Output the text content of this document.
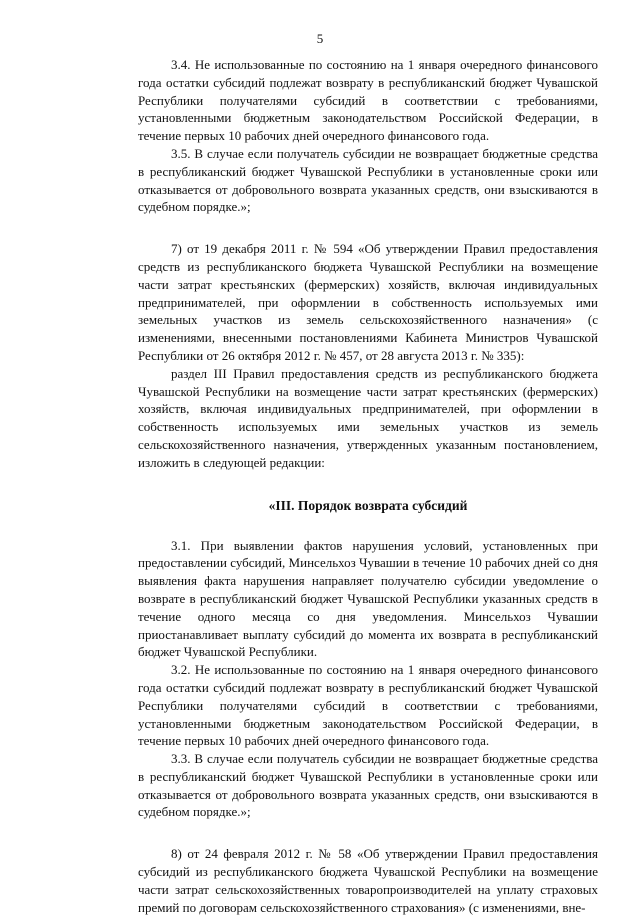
5

3.4. Не использованные по состоянию на 1 января очередного финансового года остатки субсидий подлежат возврату в республиканский бюджет Чувашской Республики получателями субсидий в соответствии с требованиями, установленными бюджетным законодательством Российской Федерации, в течение первых 10 рабочих дней очередного финансового года.

3.5. В случае если получатель субсидии не возвращает бюджетные средства в республиканский бюджет Чувашской Республики в установленные сроки или отказывается от добровольного возврата указанных средств, они взыскиваются в судебном порядке.»;

7) от 19 декабря 2011 г. № 594 «Об утверждении Правил предоставления средств из республиканского бюджета Чувашской Республики на возмещение части затрат крестьянских (фермерских) хозяйств, включая индивидуальных предпринимателей, при оформлении в собственность используемых ими земельных участков из земель сельскохозяйственного назначения» (с изменениями, внесенными постановлениями Кабинета Министров Чувашской Республики от 26 октября 2012 г. № 457, от 28 августа 2013 г. № 335):

раздел III Правил предоставления средств из республиканского бюджета Чувашской Республики на возмещение части затрат крестьянских (фермерских) хозяйств, включая индивидуальных предпринимателей, при оформлении в собственность используемых ими земельных участков из земель сельскохозяйственного назначения, утвержденных указанным постановлением, изложить в следующей редакции:

«III. Порядок возврата субсидий

3.1. При выявлении фактов нарушения условий, установленных при предоставлении субсидий, Минсельхоз Чувашии в течение 10 рабочих дней со дня выявления факта нарушения направляет получателю субсидии уведомление о возврате в республиканский бюджет Чувашской Республики указанных средств в течение одного месяца со дня уведомления. Минсельхоз Чувашии приостанавливает выплату субсидий до момента их возврата в республиканский бюджет Чувашской Республики.

3.2. Не использованные по состоянию на 1 января очередного финансового года остатки субсидий подлежат возврату в республиканский бюджет Чувашской Республики получателями субсидий в соответствии с требованиями, установленными бюджетным законодательством Российской Федерации, в течение первых 10 рабочих дней очередного финансового года.

3.3. В случае если получатель субсидии не возвращает бюджетные средства в республиканский бюджет Чувашской Республики в установленные сроки или отказывается от добровольного возврата указанных средств, они взыскиваются в судебном порядке.»;

8) от 24 февраля 2012 г. № 58 «Об утверждении Правил предоставления субсидий из республиканского бюджета Чувашской Республики на возмещение части затрат сельскохозяйственных товаропроизводителей на уплату страховых премий по договорам сельскохозяйственного страхования» (с изменениями, вне-
